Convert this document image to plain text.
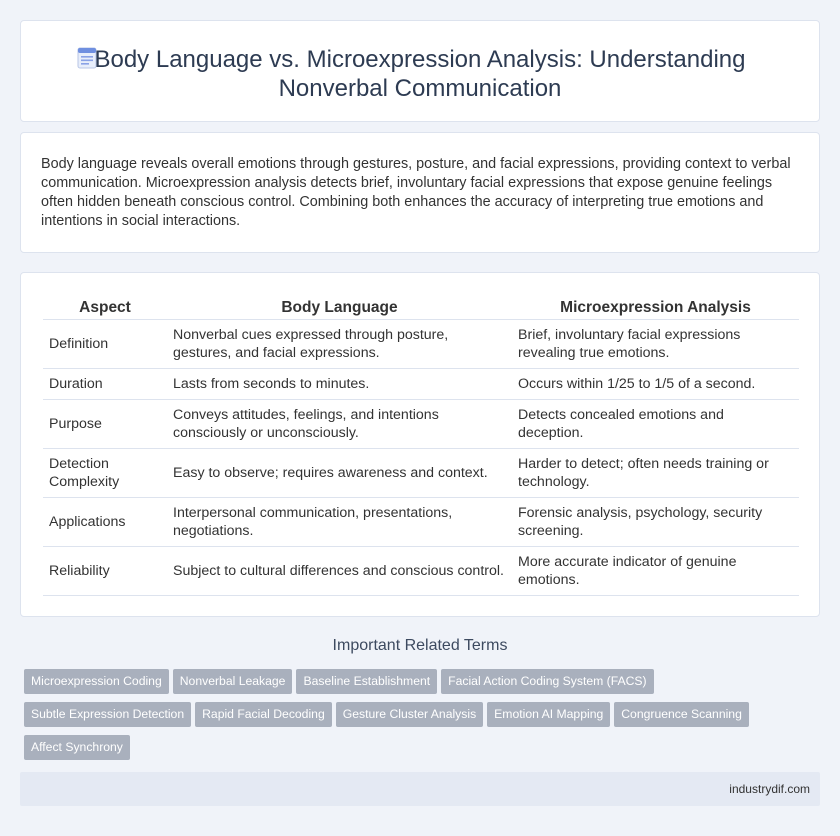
Body Language vs. Microexpression Analysis: Understanding
Nonverbal Communication

Body language reveals overall emotions through gestures, posture, and facial expressions, providing context to verbal communication. Microexpression analysis detects brief, involuntary facial expressions that expose genuine feelings often hidden beneath conscious control. Combining both enhances the accuracy of interpreting true emotions and intentions in social interactions.

Aspect	Body Language	Microexpression Analysis
Definition	Nonverbal cues expressed through posture, gestures, and facial expressions.	Brief, involuntary facial expressions revealing true emotions.
Duration	Lasts from seconds to minutes.	Occurs within 1/25 to 1/5 of a second.
Purpose	Conveys attitudes, feelings, and intentions consciously or unconsciously.	Detects concealed emotions and deception.
Detection Complexity	Easy to observe; requires awareness and context.	Harder to detect; often needs training or technology.
Applications	Interpersonal communication, presentations, negotiations.	Forensic analysis, psychology, security screening.
Reliability	Subject to cultural differences and conscious control.	More accurate indicator of genuine emotions.
Important Related Terms
Microexpression Coding Nonverbal Leakage Baseline Establishment Facial Action Coding System (FACS)
Subtle Expression Detection Rapid Facial Decoding Gesture Cluster Analysis Emotion AI Mapping Congruence Scanning
Affect Synchrony
industrydif.com
